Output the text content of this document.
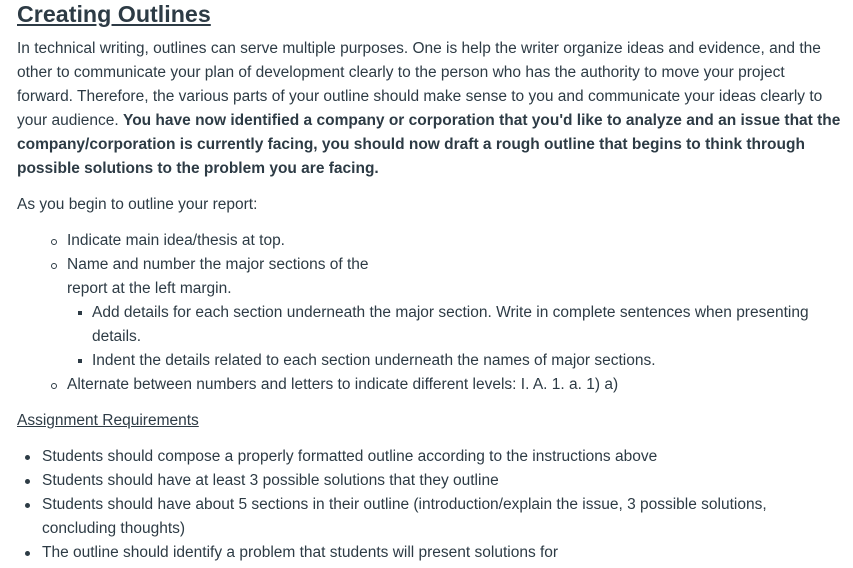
Creating Outlines

In technical writing, outlines can serve multiple purposes. One is help the writer organize ideas and evidence, and the other to communicate your plan of development clearly to the person who has the authority to move your project forward. Therefore, the various parts of your outline should make sense to you and communicate your ideas clearly to your audience. You have now identified a company or corporation that you'd like to analyze and an issue that the company/corporation is currently facing, you should now draft a rough outline that begins to think through possible solutions to the problem you are facing.

As you begin to outline your report:

Indicate main idea/thesis at top.
Name and number the major sections of the report at the left margin.
Add details for each section underneath the major section. Write in complete sentences when presenting details.
Indent the details related to each section underneath the names of major sections.
Alternate between numbers and letters to indicate different levels: I. A. 1. a. 1) a)
Assignment Requirements
Students should compose a properly formatted outline according to the instructions above
Students should have at least 3 possible solutions that they outline
Students should have about 5 sections in their outline (introduction/explain the issue, 3 possible solutions, concluding thoughts)
The outline should identify a problem that students will present solutions for
